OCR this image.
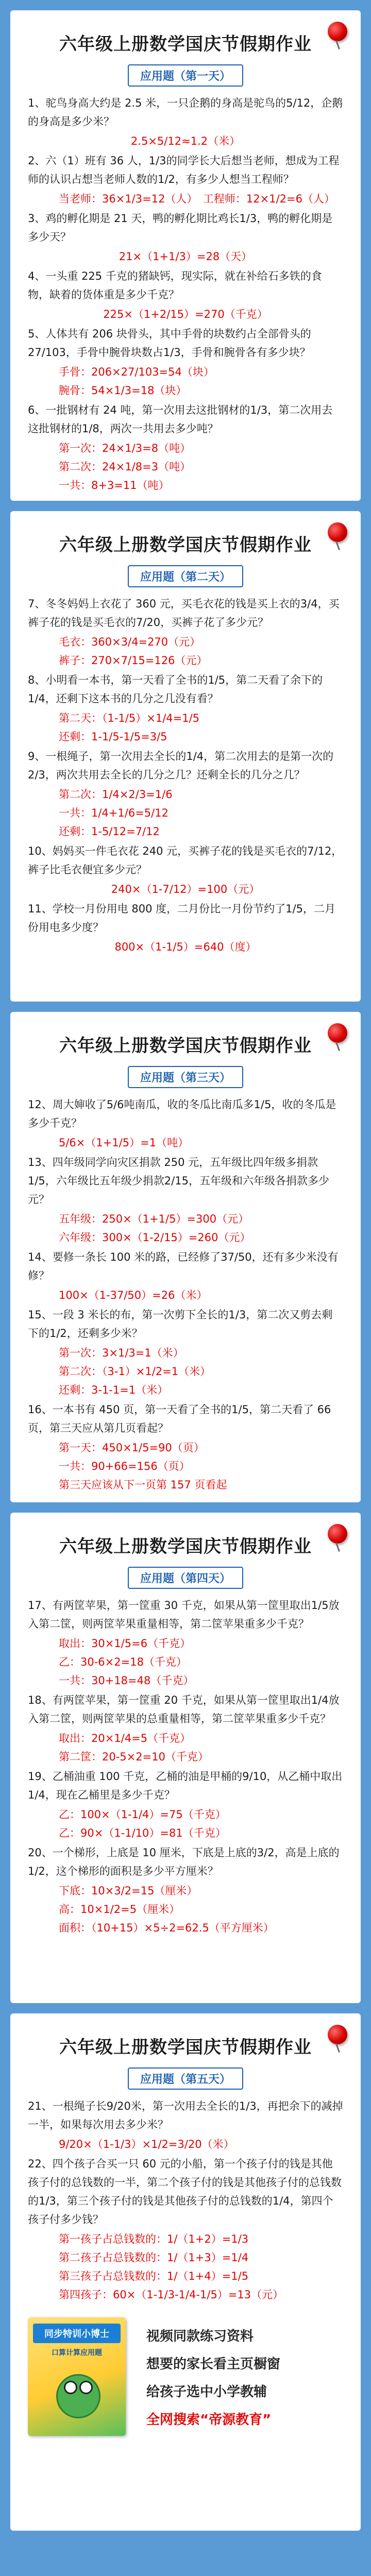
六年级上册数学国庆节假期作业
应用题（第一天）
1、驼鸟身高大约是 2.5 米，一只企鹅的身高是驼鸟的5/12，企鹅的身高是多少米？
2.5×5/12≈1.2（米）
2、六（1）班有 36 人，1/3的同学长大后想当老师，想成为工程师的认识占想当老师人数的1/2，有多少人想当工程师？
当老师：36×1/3=12（人）　工程师：12×1/2=6（人）
3、鸡的孵化期是 21 天，鸭的孵化期比鸡长1/3，鸭的孵化期是多少天？
21×（1+1/3）=28（天）
4、一头重 225 千克的猪缺钙，现实际，就在补给石多铁的食物，缺着的货体重是多少千克？
225×（1+2/15）=270（千克）
5、人体共有 206 块骨头，其中手骨的块数约占全部骨头的27/103，手骨中腕骨块数占1/3，手骨和腕骨各有多少块？
手骨：206×27/103=54（块）
腕骨：54×1/3=18（块）
6、一批钢材有 24 吨，第一次用去这批钢材的1/3，第二次用去这批钢材的1/8，两次一共用去多少吨？
第一次：24×1/3=8（吨）
第二次：24×1/8=3（吨）
一共：8+3=11（吨）
六年级上册数学国庆节假期作业
应用题（第二天）
7、冬冬妈妈上衣花了 360 元，买毛衣花的钱是买上衣的3/4，买裤子花的钱是买毛衣的7/20，买裤子花了多少元？
毛衣：360×3/4=270（元）
裤子：270×7/15=126（元）
8、小明看一本书，第一天看了全书的1/5，第二天看了余下的1/4，还剩下这本书的几分之几没有看？
第二天：（1-1/5）×1/4=1/5
还剩：1-1/5-1/5=3/5
9、一根绳子，第一次用去全长的1/4，第二次用去的是第一次的2/3，两次共用去全长的几分之几？还剩全长的几分之几？
第二次：1/4×2/3=1/6
一共：1/4+1/6=5/12
还剩：1-5/12=7/12
10、妈妈买一件毛衣花 240 元，买裤子花的钱是买毛衣的7/12，裤子比毛衣便宜多少元？
240×（1-7/12）=100（元）
11、学校一月份用电 800 度，二月份比一月份节约了1/5，二月份用电多少度？
800×（1-1/5）=640（度）
六年级上册数学国庆节假期作业
应用题（第三天）
12、周大婶收了5/6吨南瓜，收的冬瓜比南瓜多1/5，收的冬瓜是多少千克？
5/6×（1+1/5）=1（吨）
13、四年级同学向灾区捐款 250 元，五年级比四年级多捐款1/5，六年级比五年级少捐款2/15，五年级和六年级各捐款多少元？
五年级：250×（1+1/5）=300（元）
六年级：300×（1-2/15）=260（元）
14、要修一条长 100 米的路，已经修了37/50，还有多少米没有修？
100×（1-37/50）=26（米）
15、一段 3 米长的布，第一次剪下全长的1/3，第二次又剪去剩下的1/2，还剩多少米？
第一次：3×1/3=1（米）
第二次：（3-1）×1/2=1（米）
还剩：3-1-1=1（米）
16、一本书有 450 页，第一天看了全书的1/5，第二天看了 66 页，第三天应从第几页看起？
第一天：450×1/5=90（页）
一共：90+66=156（页）
第三天应该从下一页第 157 页看起
六年级上册数学国庆节假期作业
应用题（第四天）
17、有两筐苹果，第一筐重 30 千克，如果从第一筐里取出1/5放入第二筐，则两筐苹果重量相等，第二筐苹果重多少千克？
取出：30×1/5=6（千克）
乙：30-6×2=18（千克）
一共：30+18=48（千克）
18、有两筐苹果，第一筐重 20 千克，如果从第一筐里取出1/4放入第二筐，则两筐苹果的总重量相等，第二筐苹果重多少千克？
取出：20×1/4=5（千克）
第二筐：20-5×2=10（千克）
19、乙桶油重 100 千克，乙桶的油是甲桶的9/10，从乙桶中取出1/4，现在乙桶里是多少千克？
乙：100×（1-1/4）=75（千克）
乙：90×（1-1/10）=81（千克）
20、一个梯形，上底是 10 厘米，下底是上底的3/2，高是上底的1/2，这个梯形的面积是多少平方厘米？
下底：10×3/2=15（厘米）
高：10×1/2=5（厘米）
面积：（10+15）×5÷2=62.5（平方厘米）
六年级上册数学国庆节假期作业
应用题（第五天）
21、一根绳子长9/20米，第一次用去全长的1/3，再把余下的减掉一半，如果每次用去多少米？
9/20×（1-1/3）×1/2=3/20（米）
22、四个孩子合买一只 60 元的小船，第一个孩子付的钱是其他孩子付的总钱数的一半，第二个孩子付的钱是其他孩子付的总钱数的1/3，第三个孩子付的钱是其他孩子付的总钱数的1/4，第四个孩子付多少钱？
第一孩子占总钱数的：1/（1+2）=1/3
第二孩子占总钱数的：1/（1+3）=1/4
第三孩子占总钱数的：1/（1+4）=1/5
第四孩子：60×（1-1/3-1/4-1/5）=13（元）
同步特训小博士
口算计算应用题
视频同款练习资料
想要的家长看主页橱窗
给孩子选中小学教辅
全网搜索“帝源教育”
